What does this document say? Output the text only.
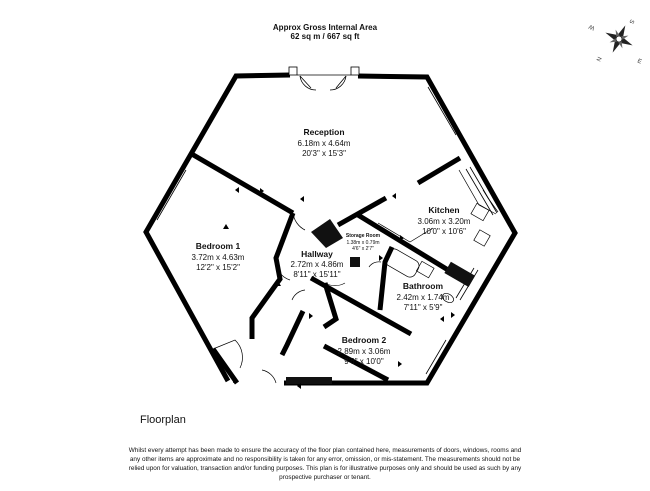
Approx Gross Internal Area
62 sq m / 667 sq ft
N	E
S
W
Reception
6.18m x 4.64m
20'3" x 15'3"
Kitchen
3.06m x 3.20m
10'0" x 10'6"
Storage Room
1.38m x 0.79m
4'6" x 2'7"
Hallway
2.72m x 4.86m
8'11" x 15'11"
Bedroom 1
3.72m x 4.63m
12'2" x 15'2"
Bathroom
2.42m x 1.74m
7'11" x 5'9"
Bedroom 2
2.89m x 3.06m
9'6" x 10'0"
Floorplan
Whilst every attempt has been made to ensure the accuracy of the floor plan contained here, measurements of doors, windows, rooms and
any other items are approximate and no responsibility is taken for any error, omission, or mis-statement. The measurements should not be
relied upon for valuation, transaction and/or funding purposes. This plan is for illustrative purposes only and should be used as such by any
prospective purchaser or tenant.
